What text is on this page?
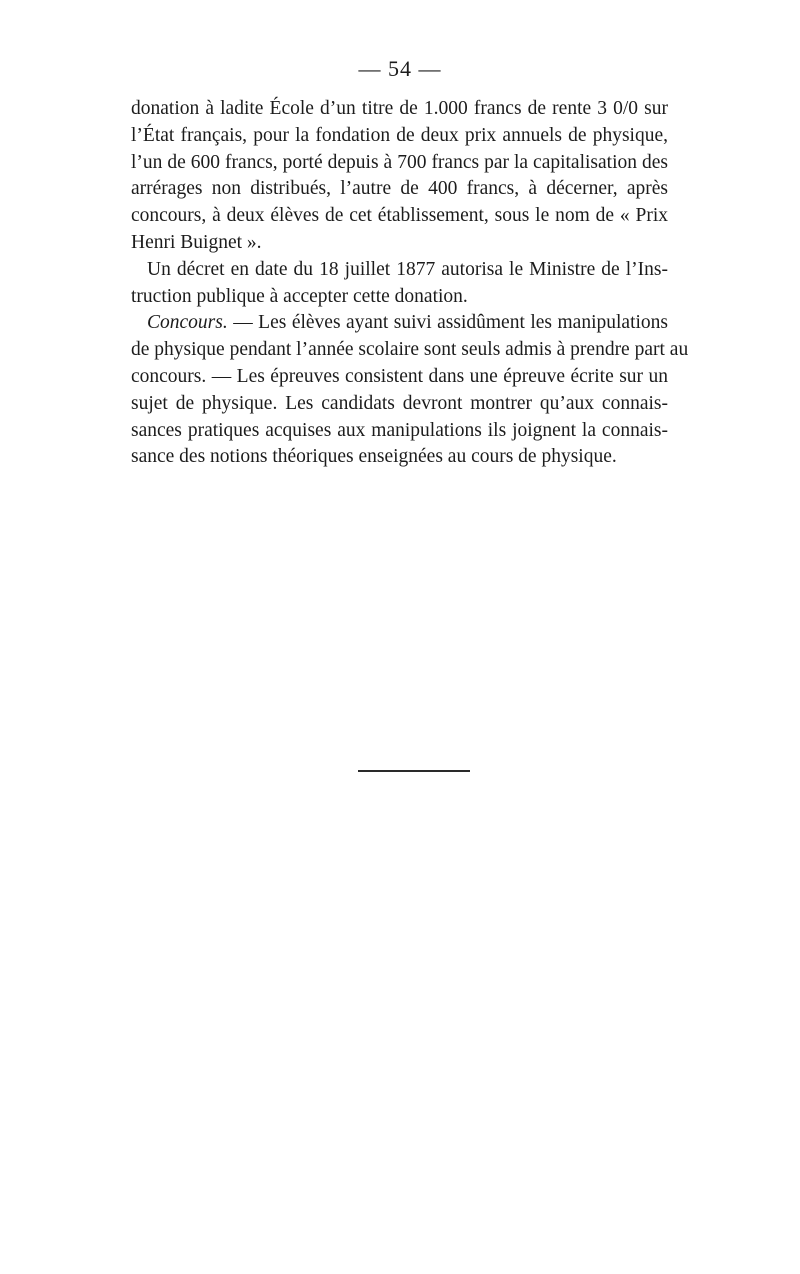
— 54 —
donation à ladite École d’un titre de 1.000 francs de rente 3 0/0 sur
l’État français, pour la fondation de deux prix annuels de physique,
l’un de 600 francs, porté depuis à 700 francs par la capitalisation des
arrérages non distribués, l’autre de 400 francs, à décerner, après
concours, à deux élèves de cet établissement, sous le nom de « Prix
Henri Buignet ».
Un décret en date du 18 juillet 1877 autorisa le Ministre de l’Ins-
truction publique à accepter cette donation.
Concours. — Les élèves ayant suivi assidûment les manipulations
de physique pendant l’année scolaire sont seuls admis à prendre part au
concours. — Les épreuves consistent dans une épreuve écrite sur un
sujet de physique. Les candidats devront montrer qu’aux connais-
sances pratiques acquises aux manipulations ils joignent la connais-
sance des notions théoriques enseignées au cours de physique.
